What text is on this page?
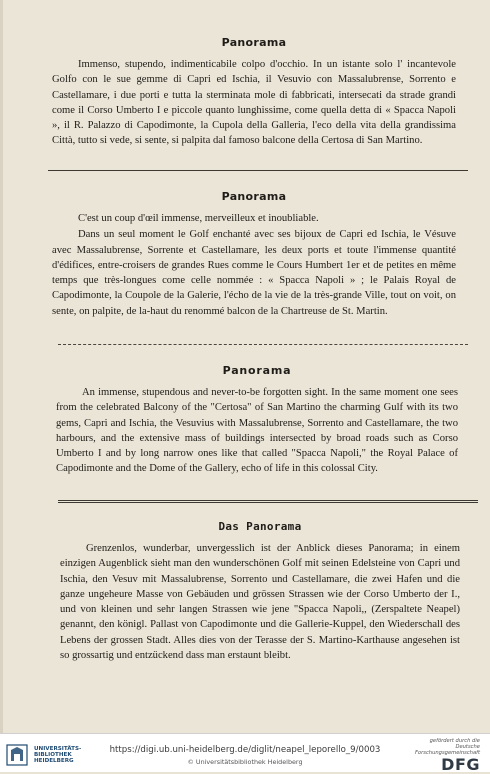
Panorama

Immenso, stupendo, indimenticabile colpo d'occhio. In un istante solo l' incantevole Golfo con le sue gemme di Capri ed Ischia, il Vesuvio con Massalubrense, Sorrento e Castellamare, i due porti e tutta la sterminata mole di fabbricati, intersecati da strade grandi come il Corso Umberto I e piccole quanto lunghissime, come quella detta di « Spacca Napoli », il R. Palazzo di Capodimonte, la Cupola della Galleria, l'eco della vita della grandissima Città, tutto si vede, si sente, si palpita dal famoso balcone della Certosa di San Martino.

Panorama

C'est un coup d'œil immense, merveilleux et inoubliable.

Dans un seul moment le Golf enchanté avec ses bijoux de Capri ed Ischia, le Vésuve avec Massalubrense, Sorrente et Castellamare, les deux ports et toute l'immense quantité d'édifices, entre-croisers de grandes Rues comme le Cours Humbert 1er et de petites en même temps que très-longues come celle nommée : « Spacca Napoli » ; le Palais Royal de Capodimonte, la Coupole de la Galerie, l'écho de la vie de la très-grande Ville, tout on voit, on sente, on palpite, de la-haut du renommé balcon de la Chartreuse de St. Martin.

Panorama

An immense, stupendous and never-to-be forgotten sight. In the same moment one sees from the celebrated Balcony of the "Certosa" of San Martino the charming Gulf with its two gems, Capri and Ischia, the Vesuvius with Massalubrense, Sorrento and Castellamare, the two harbours, and the extensive mass of buildings intersected by broad roads such as Corso Umberto I and by long narrow ones like that called "Spacca Napoli," the Royal Palace of Capodimonte and the Dome of the Gallery, echo of life in this colossal City.

Das Panorama

Grenzenlos, wunderbar, unvergesslich ist der Anblick dieses Panorama; in einem einzigen Augenblick sieht man den wunderschönen Golf mit seinen Edelsteine von Capri und Ischia, den Vesuv mit Massalubrense, Sorrento und Castellamare, die zwei Hafen und die ganze ungeheure Masse von Gebäuden und grössen Strassen wie der Corso Umberto der I., und von kleinen und sehr langen Strassen wie jene "Spacca Napoli,, (Zerspaltete Neapel) genannt, den königl. Pallast von Capodimonte und die Gallerie-Kuppel, den Wiederschall des Lebens der grossen Stadt. Alles dies von der Terasse der S. Martino-Karthause angesehen ist so grossartig und entzückend dass man erstaunt bleibt.

UNIVERSITÄTS-
BIBLIOTHEK
HEIDELBERG
https://digi.ub.uni-heidelberg.de/diglit/neapel_leporello_9/0003
© Universitätsbibliothek Heidelberg
gefördert durch die
Deutsche
Forschungsgemeinschaft
DFG
